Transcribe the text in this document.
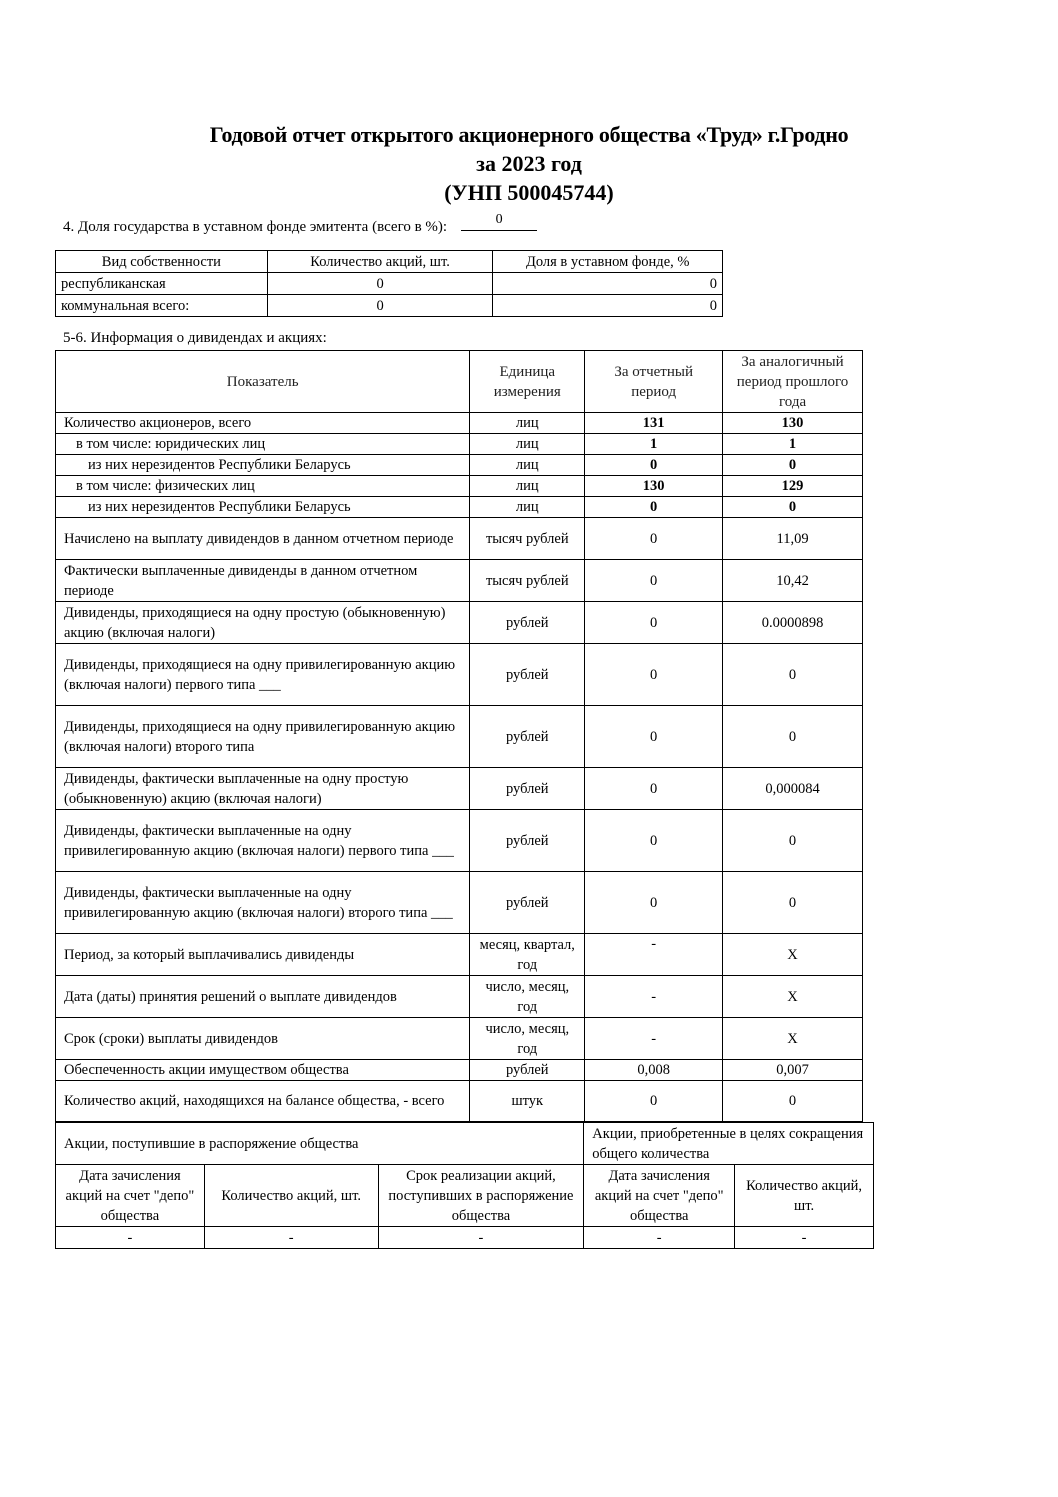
Годовой отчет открытого акционерного общества «Труд» г.Гродно
за 2023 год
(УНП 500045744)
4. Доля государства в уставном фонде эмитента (всего в %):	0
Вид собственности	Количество акций, шт.	Доля в уставном фонде, %
республиканская	0	0
коммунальная всего:	0	0
5-6. Информация о дивидендах и акциях:
Показатель	Единица измерения	За отчетный период	За аналогичный период прошлого года
Количество акционеров, всего	лиц	131	130
в том числе: юридических лиц	лиц	1	1
из них нерезидентов Республики Беларусь	лиц	0	0
в том числе: физических лиц	лиц	130	129
из них нерезидентов Республики Беларусь	лиц	0	0
Начислено на выплату дивидендов в данном отчетном периоде	тысяч рублей	0	11,09
Фактически выплаченные дивиденды в данном отчетном периоде	тысяч рублей	0	10,42
Дивиденды, приходящиеся на одну простую (обыкновенную) акцию (включая налоги)	рублей	0	0.0000898
Дивиденды, приходящиеся на одну привилегированную акцию (включая налоги) первого типа ___	рублей	0	0
Дивиденды, приходящиеся на одну привилегированную акцию (включая налоги) второго типа	рублей	0	0
Дивиденды, фактически выплаченные на одну простую (обыкновенную) акцию (включая налоги)	рублей	0	0,000084
Дивиденды, фактически выплаченные на одну привилегированную акцию (включая налоги) первого типа ___	рублей	0	0
Дивиденды, фактически выплаченные на одну привилегированную акцию (включая налоги) второго типа ___	рублей	0	0
Период, за который выплачивались дивиденды	месяц, квартал, год	-	X
Дата (даты) принятия решений о выплате дивидендов	число, месяц, год	-	X
Срок (сроки) выплаты дивидендов	число, месяц, год	-	X
Обеспеченность акции имуществом общества	рублей	0,008	0,007
Количество акций, находящихся на балансе общества, - всего	штук	0	0
Акции, поступившие в распоряжение общества			Акции, приобретенные в целях сокращения общего количества	
Дата зачисления акций на счет "депо" общества	Количество акций, шт.	Срок реализации акций, поступивших в распоряжение общества	Дата зачисления акций на счет "депо" общества	Количество акций, шт.
-	-	-	-	-
